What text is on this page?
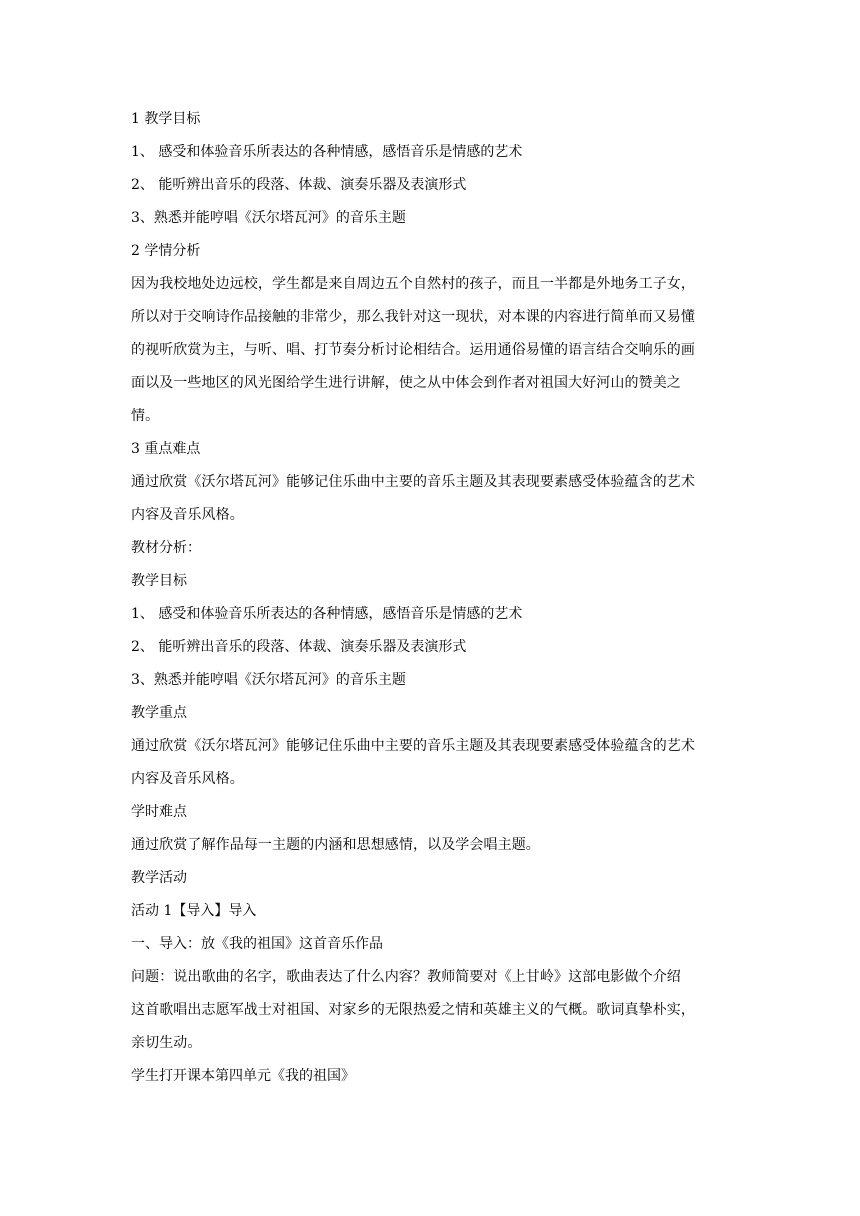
1 教学目标

1、 感受和体验音乐所表达的各种情感，感悟音乐是情感的艺术

2、 能听辨出音乐的段落、体裁、演奏乐器及表演形式

3、熟悉并能哼唱《沃尔塔瓦河》的音乐主题

2 学情分析

因为我校地处边远校，学生都是来自周边五个自然村的孩子，而且一半都是外地务工子女，

所以对于交响诗作品接触的非常少，那么我针对这一现状，对本课的内容进行简单而又易懂

的视听欣赏为主，与听、唱、打节奏分析讨论相结合。运用通俗易懂的语言结合交响乐的画

面以及一些地区的风光图给学生进行讲解，使之从中体会到作者对祖国大好河山的赞美之

情。

3 重点难点

通过欣赏《沃尔塔瓦河》能够记住乐曲中主要的音乐主题及其表现要素感受体验蕴含的艺术

内容及音乐风格。

教材分析：

教学目标

1、 感受和体验音乐所表达的各种情感，感悟音乐是情感的艺术

2、 能听辨出音乐的段落、体裁、演奏乐器及表演形式

3、熟悉并能哼唱《沃尔塔瓦河》的音乐主题

教学重点

通过欣赏《沃尔塔瓦河》能够记住乐曲中主要的音乐主题及其表现要素感受体验蕴含的艺术

内容及音乐风格。

学时难点

通过欣赏了解作品每一主题的内涵和思想感情，以及学会唱主题。

教学活动

活动 1【导入】导入

一、导入：放《我的祖国》这首音乐作品

问题：说出歌曲的名字，歌曲表达了什么内容？教师简要对《上甘岭》这部电影做个介绍

这首歌唱出志愿军战士对祖国、对家乡的无限热爱之情和英雄主义的气概。歌词真挚朴实，

亲切生动。

学生打开课本第四单元《我的祖国》
